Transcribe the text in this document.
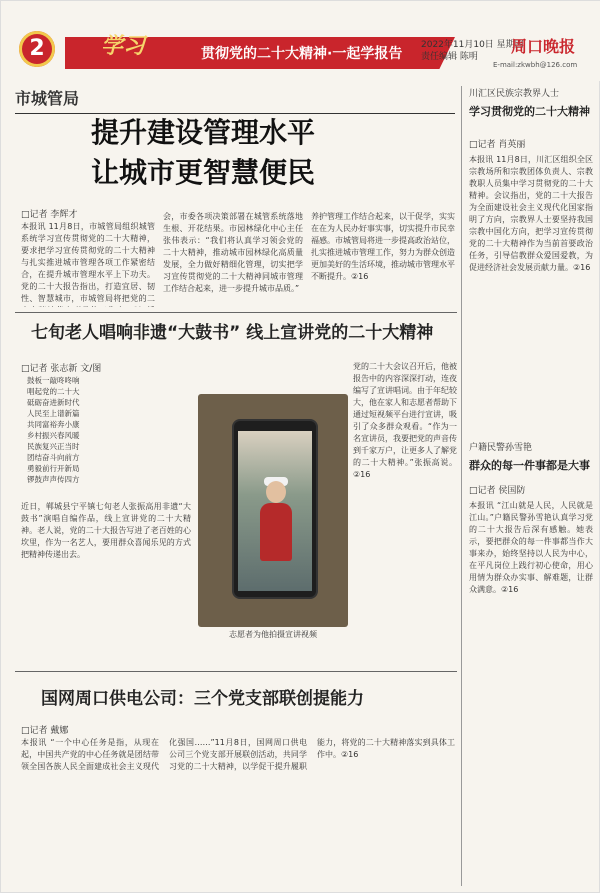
2	学习	贯彻党的二十大精神·一起学报告
2022年11月10日 星期四
责任编辑 陈明
周口晚报
E-mail:zkwbh@126.com
市城管局
提升建设管理水平
让城市更智慧便民
□记者 李辉才
本报讯 11月8日，市城管局组织城管系统学习宣传贯彻党的二十大精神，要求把学习宣传贯彻党的二十大精神与扎实推进城市管理各项工作紧密结合，在提升城市管理水平上下功夫。党的二十大报告指出，打造宜居、韧性、智慧城市，市城管局将把党的二
会，市委各项决策部署在城管系统落地生根、开花结果。市园林绿化中心主任张伟表示：“我们将认真学习领会党的二十大精神，推动城市园林绿化高质量发展，全力做好精细化管理，切实把学习宣传贯彻党的二十大精神同城市管理工作结合起来，进一步提升城市品质。”
养护管理工作结合起来，以干促学，实实在在为人民办好事实事，切实提升市民幸福感。市城管局将进一步提高政治站位，扎实推进城市管理工作，努力为群众创造更加美好的生活环境，推动城市管理水平不断提升。②16
七旬老人唱响非遗“大鼓书” 线上宣讲党的二十大精神
□记者 张志新 文/图
鼓板一敲咚咚响
唱起党的二十大
砥砺奋进新时代
人民至上谱新篇
共同富裕奔小康
乡村振兴春风暖
民族复兴正当时
团结奋斗向前方
勇毅前行开新局
锣鼓声声传四方
近日，郸城县宁平镇七旬老人张振高用非遗“大鼓书”演唱自编作品，线上宣讲党的二十大精神。老人说，党的二十大报告写进了老百姓的心坎里，作为一名艺人，要用群众喜闻乐见的方式把精神传递出去。
志愿者为他拍摄宣讲视频
党的二十大会议召开后，他被报告中的内容深深打动，连夜编写了宣讲唱词。由于年纪较大，他在家人和志愿者帮助下通过短视频平台进行宣讲，吸引了众多群众观看。“作为一名宣讲员，我要把党的声音传到千家万户，让更多人了解党的二十大精神。”张振高说。②16
国网周口供电公司：三个党支部联创提能力
□记者 戴娜
本报讯 “一个中心任务是指，从现在起，中国共产党的中心任务就是团结带领全国各族人民全面建成社会主义现代化强国……”11月8日，国网周口供电公司三个党支部开展联创活动，共同学习党的二十大精神，以学促干提升履职能力，将党的二十大精神落实到具体工作中。②16
川汇区民族宗教界人士
学习贯彻党的二十大精神
□记者 肖英丽
本报讯 11月8日，川汇区组织全区宗教场所和宗教团体负责人、宗教教职人员集中学习贯彻党的二十大精神。会议指出，党的二十大报告为全面建设社会主义现代化国家指明了方向，宗教界人士要坚持我国宗教中国化方向，把学习宣传贯彻党的二十大精神作为当前首要政治任务，引导信教群众爱国爱教，为促进经济社会发展贡献力量。②16
户籍民警孙雪艳
群众的每一件事都是大事
□记者 侯国防
本报讯 “江山就是人民，人民就是江山。”户籍民警孙雪艳认真学习党的二十大报告后深有感触。她表示，要把群众的每一件事都当作大事来办，始终坚持以人民为中心，在平凡岗位上践行初心使命，用心用情为群众办实事、解难题，让群众满意。②16
